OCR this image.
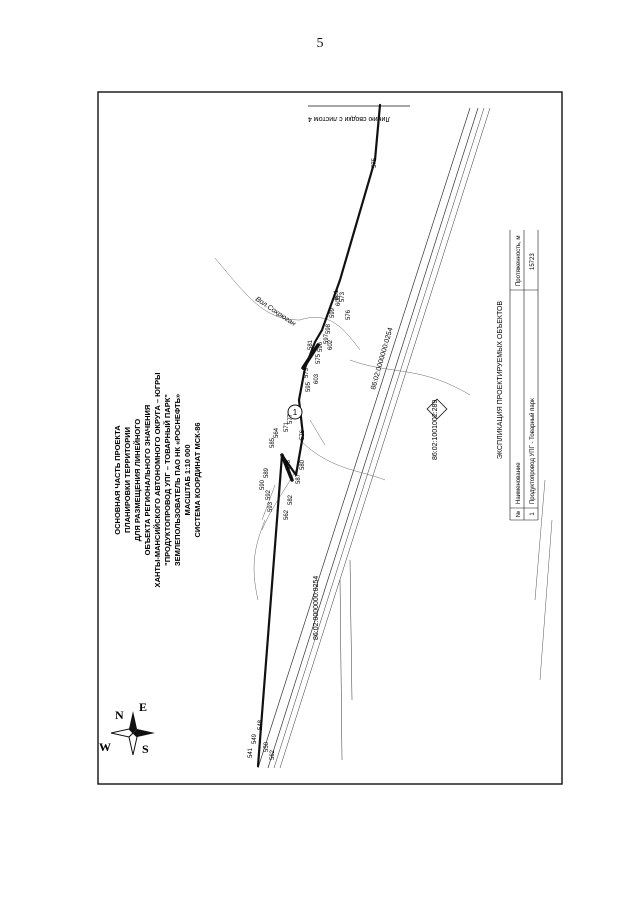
5
N
E
S
W
ОСНОВНАЯ ЧАСТЬ ПРОЕКТА ПЛАНИРОВКИ ТЕРРИТОРИИ ДЛЯ РАЗМЕЩЕНИЯ ЛИНЕЙНОГО ОБЪЕКТА РЕГИОНАЛЬНОГО ЗНАЧЕНИЯ ХАНТЫ-МАНСИЙСКОГО АВТОНОМНОГО ОКРУГА – ЮГРЫ "ПРОДУКТОПРОВОД УПГ – ТОВАРНЫЙ ПАРК" ЗЕМЛЕПОЛЬЗОВАТЕЛЬ ПАО НК «РОСНЕФТЬ» МАСШТАБ 1:10 000 СИСТЕМА КООРДИНАТ МСК-86
Вол.Сохрюган
Линию сводки с листом 4
1
86:02:0000000:0254
86:02:0000000:0254
86:02:1001002:289
541
549
548
550
562
585
589
590
564
571
577
578
592
593
562
582
587
580
576
573
575
581
595
596
597
598
599
600
601
602
603
573
576
575
ЭКСПЛИКАЦИЯ ПРОЕКТИРУЕМЫХ ОБЪЕКТОВ
№
Наименование
Протяженность, м
1
Продуктопровод УПГ - Товарный парк
15723
